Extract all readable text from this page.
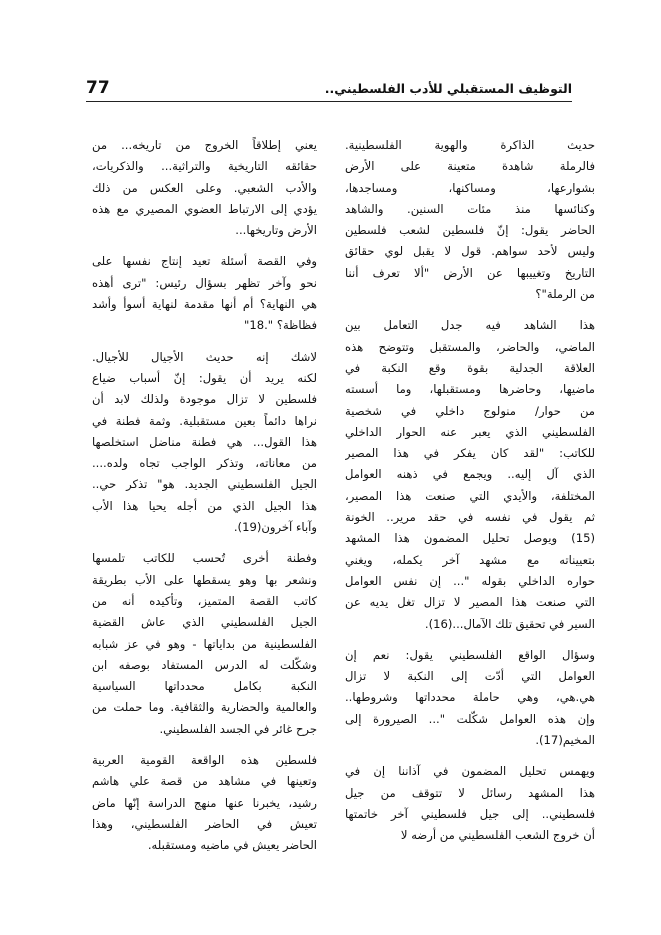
77	التوظيف المستقبلي للأدب الفلسطيني..

حديث الذاكرة والهوية الفلسطينية.
فالرملة شاهدة متعينة على الأرض
بشوارعها، ومساكنها، ومساجدها،
وكنائسها منذ مئات السنين. والشاهد
الحاضر يقول: إنّ فلسطين لشعب فلسطين
وليس لأحد سواهم. قول لا يقبل لوي حقائق
التاريخ وتغييبها عن الأرض "ألا تعرف أننا
من الرملة"؟

هذا الشاهد فيه جدل التعامل بين
الماضي، والحاضر، والمستقبل وتتوضح هذه
العلاقة الجدلية بقوة وقع النكبة في
ماضيها، وحاضرها ومستقبلها، وما أسسته
من حوار/ منولوج داخلي في شخصية
الفلسطيني الذي يعبر عنه الحوار الداخلي
للكاتب: "لقد كان يفكر في هذا المصير
الذي آل إليه.. ويجمع في ذهنه العوامل
المختلفة، والأيدي التي صنعت هذا المصير،
ثم يقول في نفسه في حقد مرير.. الخونة
(15) ويوصل تحليل المضمون هذا المشهد
بتعييناته مع مشهد آخر يكمله، ويغني
حواره الداخلي بقوله "... إن نفس العوامل
التي صنعت هذا المصير لا تزال تغل يديه عن
السير في تحقيق تلك الآمال...(16).

وسؤال الواقع الفلسطيني يقول: نعم إن
العوامل التي أدّت إلى النكبة لا تزال
هي.هي، وهي حاملة محدداتها وشروطها..
وإن هذه العوامل شكّلت "... الصيرورة إلى
المخيم(17).

ويهمس تحليل المضمون في آذاننا إن في
هذا المشهد رسائل لا تتوقف من جيل
فلسطيني.. إلى جيل فلسطيني آخر خاتمتها
أن خروج الشعب الفلسطيني من أرضه لا

يعني إطلاقاً الخروج من تاريخه... من
حقائقه التاريخية والتراثية... والذكريات،
والأدب الشعبي. وعلى العكس من ذلك
يؤدي إلى الارتباط العضوي المصيري مع هذه
الأرض وتاريخها...

وفي القصة أسئلة تعيد إنتاج نفسها على
نحو وآخر تظهر بسؤال رئيس: "ترى أهذه
هي النهاية؟ أم أنها مقدمة لنهاية أسوأ وأشد
فظاظة؟ ".18"

لاشك إنه حديث الأجيال للأجيال.
لكنه يريد أن يقول: إنّ أسباب ضياع
فلسطين لا تزال موجودة ولذلك لابد أن
نراها دائماً بعين مستقبلية. وثمة فطنة في
هذا القول... هي فطنة مناضل استخلصها
من معاناته، وتذكر الواجب تجاه ولده....
الجيل الفلسطيني الجديد. هو" تذكر حي..
هذا الجيل الذي من أجله يحيا هذا الأب
وآباء آخرون(19).

وفطنة أخرى تُحسب للكاتب تلمسها
ونشعر بها وهو يسقطها على الأب بطريقة
كاتب القصة المتميز، وتأكيده أنه من
الجيل الفلسطيني الذي عاش القضية
الفلسطينية من بداياتها - وهو في عز شبابه
وشكّلت له الدرس المستفاد بوصفه ابن
النكبة بكامل محدداتها السياسية
والعالمية والحضارية والثقافية. وما حملت من
جرح غائر في الجسد الفلسطيني.

فلسطين هذه الواقعة القومية العربية
وتعينها في مشاهد من قصة علي هاشم
رشيد، يخبرنا عنها منهج الدراسة إنّها ماض
تعيش في الحاضر الفلسطيني، وهذا
الحاضر يعيش في ماضيه ومستقبله.
